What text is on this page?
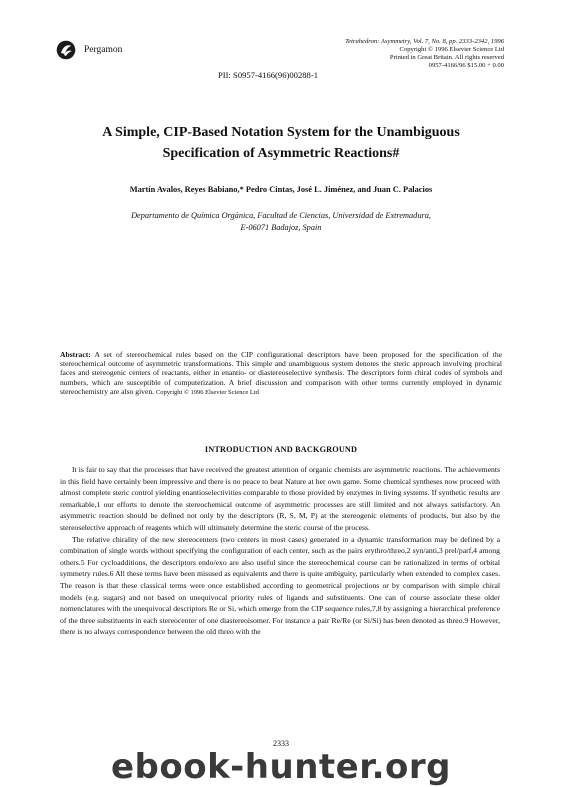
Pergamon
Tetrahedron: Asymmetry, Vol. 7, No. 8, pp. 2333-2342, 1996
Copyright © 1996 Elsevier Science Ltd
Printed in Great Britain. All rights reserved
0957-4166/96 $15.00 + 0.00
PII: S0957-4166(96)00288-1
A Simple, CIP-Based Notation System for the Unambiguous
Specification of Asymmetric Reactions#
Martín Avalos, Reyes Babiano,* Pedro Cintas, José L. Jiménez, and Juan C. Palacios
Departamento de Química Orgánica, Facultad de Ciencias, Universidad de Extremadura,
E-06071 Badajoz, Spain
Abstract: A set of stereochemical rules based on the CIP configurational descriptors have been proposed for the specification of the stereochemical outcome of asymmetric transformations. This simple and unambiguous system denotes the steric approach involving prochiral faces and stereogenic centers of reactants, either in enantio- or diastereoselective synthesis. The descriptors form chiral codes of symbols and numbers, which are susceptible of computerization. A brief discussion and comparison with other terms currently employed in dynamic stereochemistry are also given. Copyright © 1996 Elsevier Science Ltd
INTRODUCTION AND BACKGROUND

It is fair to say that the processes that have received the greatest attention of organic chemists are asymmetric reactions. The achievements in this field have certainly been impressive and there is no peace to beat Nature at her own game. Some chemical syntheses now proceed with almost complete steric control yielding enantioselectivities comparable to those provided by enzymes in living systems. If synthetic results are remarkable,1 our efforts to denote the stereochemical outcome of asymmetric processes are still limited and not always satisfactory. An asymmetric reaction should be defined not only by the descriptors (R, S, M, P) at the stereogenic elements of products, but also by the stereoselective approach of reagents which will ultimately determine the steric course of the process.

The relative chirality of the new stereocenters (two centers in most cases) generated in a dynamic transformation may be defined by a combination of single words without specifying the configuration of each center, such as the pairs erythro/threo,2 syn/anti,3 prel/parf,4 among others.5 For cycloadditions, the descriptors endo/exo are also useful since the stereochemical course can be rationalized in terms of orbital symmetry rules.6 All these terms have been misused as equivalents and there is quite ambiguity, particularly when extended to complex cases. The reason is that these classical terms were once established according to geometrical projections or by comparison with simple chiral models (e.g. sugars) and not based on unequivocal priority rules of ligands and substituents. One can of course associate these older nomenclatures with the unequivocal descriptors Re or Si, which emerge from the CIP sequence rules,7,8 by assigning a hierarchical preference of the three substituents in each stereocenter of one diastereoisomer. For instance a pair Re/Re (or Si/Si) has been denoted as threo.9 However, there is no always correspondence between the old threo with the

2333
ebook-hunter.org
